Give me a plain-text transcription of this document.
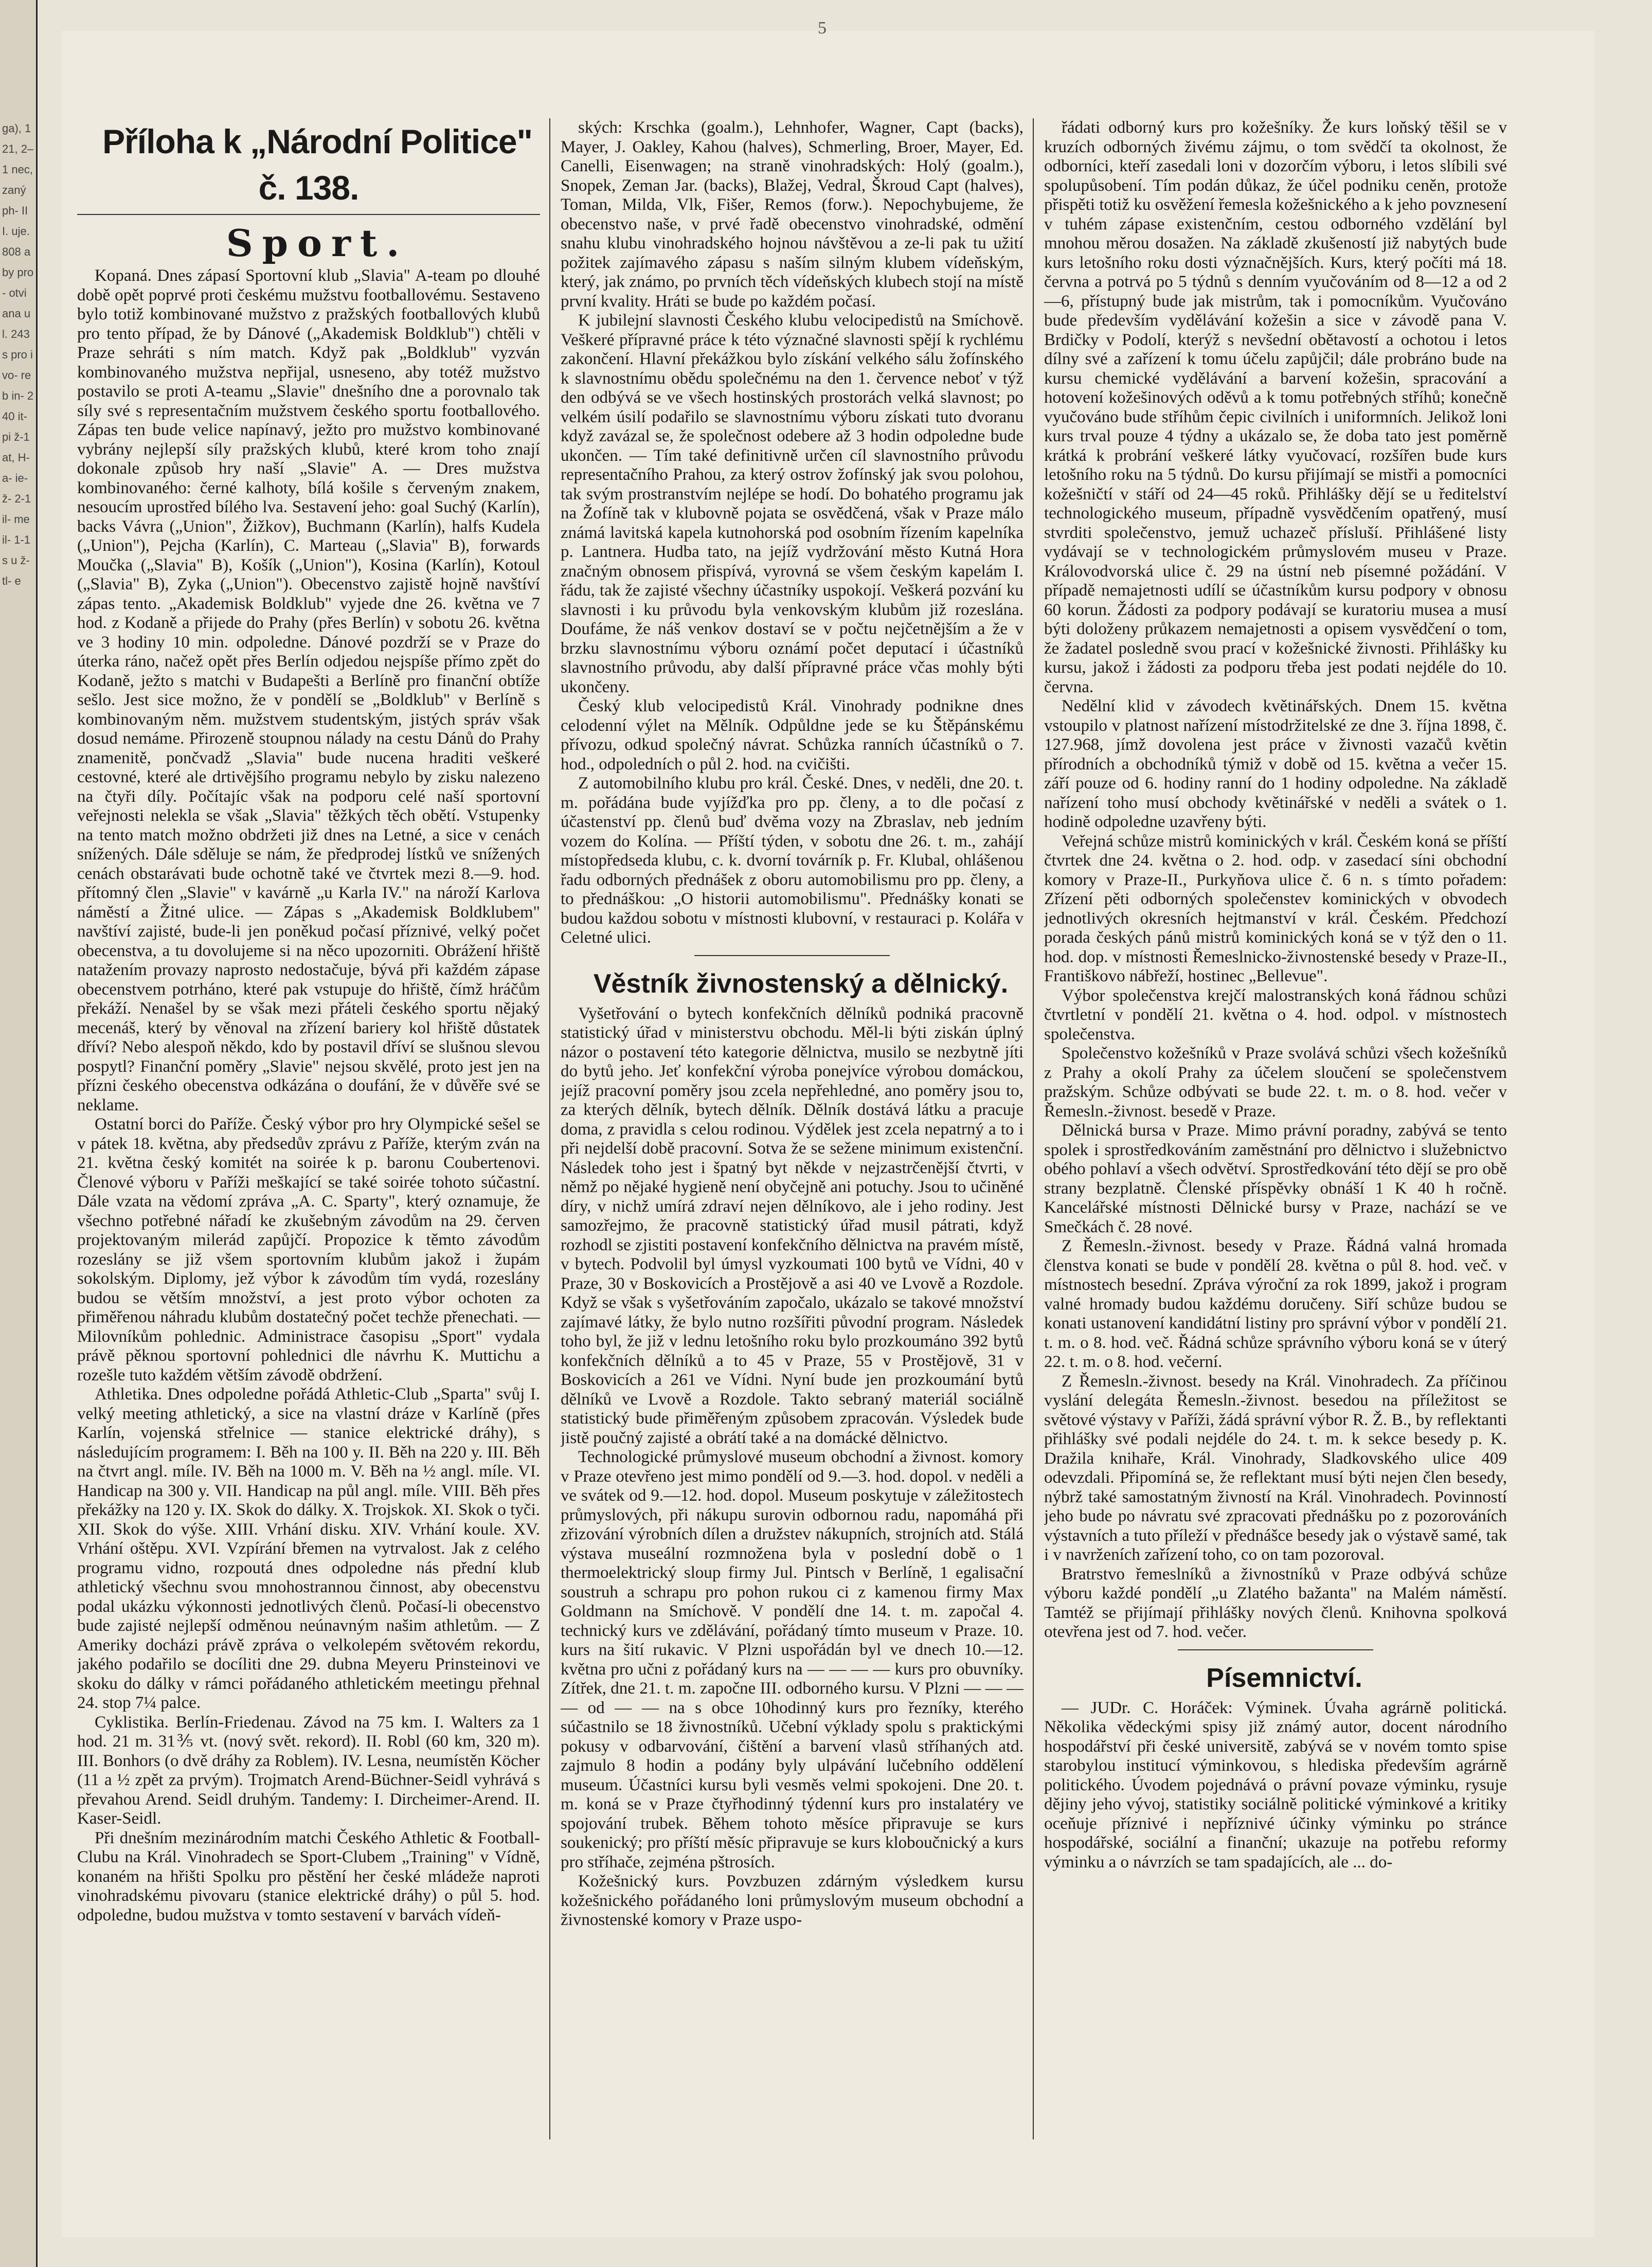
ga), 121, 2–1 nec, zaný ph- III. uje. 808 aby pro- otvi ana ul. 243 s pro ivo- reb in- 240 it- pi ž-1 at, H- a- ie- ž- 2-1 il- me il- 1-1 s u ž- tl- e
5

Příloha k „Národní Politice" č. 138.

Sport.

Kopaná. Dnes zápasí Sportovní klub „Slavia" A-team po dlouhé době opět poprvé proti českému mužstvu footballovému. Sestaveno bylo totiž kombinované mužstvo z pražských footballových klubů pro tento případ, že by Dánové („Akademisk Boldklub") chtěli v Praze sehráti s ním match. Když pak „Boldklub" vyzván kombinovaného mužstva nepřijal, usneseno, aby totéž mužstvo postavilo se proti A-teamu „Slavie" dnešního dne a porovnalo tak síly své s representačním mužstvem českého sportu footballového. Zápas ten bude velice napínavý, ježto pro mužstvo kombinované vybrány nejlepší síly pražských klubů, které krom toho znají dokonale způsob hry naší „Slavie" A. — Dres mužstva kombinovaného: černé kalhoty, bílá košile s červeným znakem, nesoucím uprostřed bílého lva. Sestavení jeho: goal Suchý (Karlín), backs Vávra („Union", Žižkov), Buchmann (Karlín), halfs Kudela („Union"), Pejcha (Karlín), C. Marteau („Slavia" B), forwards Moučka („Slavia" B), Košík („Union"), Kosina (Karlín), Kotoul („Slavia" B), Zyka („Union"). Obecenstvo zajistě hojně navštíví zápas tento. „Akademisk Boldklub" vyjede dne 26. května ve 7 hod. z Kodaně a přijede do Prahy (přes Berlín) v sobotu 26. května ve 3 hodiny 10 min. odpoledne. Dánové pozdrží se v Praze do úterka ráno, načež opět přes Berlín odjedou nejspíše přímo zpět do Kodaně, ježto s matchi v Budapešti a Berlíně pro finanční obtíže sešlo. Jest sice možno, že v pondělí se „Boldklub" v Berlíně s kombinovaným něm. mužstvem studentským, jistých správ však dosud nemáme. Přirozeně stoupnou nálady na cestu Dánů do Prahy znamenitě, pončvadž „Slavia" bude nucena hraditi veškeré cestovné, které ale drtivějšího programu nebylo by zisku nalezeno na čtyři díly. Počítajíc však na podporu celé naší sportovní veřejnosti nelekla se však „Slavia" těžkých těch obětí. Vstupenky na tento match možno obdržeti již dnes na Letné, a sice v cenách snížených. Dále sděluje se nám, že předprodej lístků ve snížených cenách obstarávati bude ochotně také ve čtvrtek mezi 8.—9. hod. přítomný člen „Slavie" v kavárně „u Karla IV." na nároží Karlova náměstí a Žitné ulice. — Zápas s „Akademisk Boldklubem" navštíví zajisté, bude-li jen poněkud počasí příznivé, velký počet obecenstva, a tu dovolujeme si na něco upozorniti. Obrážení hřiště natažením provazy naprosto nedostačuje, bývá při každém zápase obecenstvem potrháno, které pak vstupuje do hřiště, čímž hráčům překáží. Nenašel by se však mezi přáteli českého sportu nějaký mecenáš, který by věnoval na zřízení bariery kol hřiště důstatek dříví? Nebo alespoň někdo, kdo by postavil dříví se slušnou slevou pospytl? Finanční poměry „Slavie" nejsou skvělé, proto jest jen na přízni českého obecenstva odkázána o doufání, že v důvěře své se neklame.

Ostatní borci do Paříže. Český výbor pro hry Olympické sešel se v pátek 18. května, aby předsedův zprávu z Paříže, kterým zván na 21. května český komitét na soirée k p. baronu Coubertenovi. Členové výboru v Paříži meškající se také soirée tohoto súčastní. Dále vzata na vědomí zpráva „A. C. Sparty", který oznamuje, že všechno potřebné nářadí ke zkušebným závodům na 29. červen projektovaným milerád zapůjčí. Propozice k těmto závodům rozeslány se již všem sportovním klubům jakož i župám sokolským. Diplomy, jež výbor k závodům tím vydá, rozeslány budou se větším množství, a jest proto výbor ochoten za přiměřenou náhradu klubům dostatečný počet techže přenechati. — Milovníkům pohlednic. Administrace časopisu „Sport" vydala právě pěknou sportovní pohlednici dle návrhu K. Muttichu a rozešle tuto každém větším závodě obdržení.

Athletika. Dnes odpoledne pořádá Athletic-Club „Sparta" svůj I. velký meeting athletický, a sice na vlastní dráze v Karlíně (přes Karlín, vojenská střelnice — stanice elektrické dráhy), s následujícím programem: I. Běh na 100 y. II. Běh na 220 y. III. Běh na čtvrt angl. míle. IV. Běh na 1000 m. V. Běh na ½ angl. míle. VI. Handicap na 300 y. VII. Handicap na půl angl. míle. VIII. Běh přes překážky na 120 y. IX. Skok do dálky. X. Trojskok. XI. Skok o tyči. XII. Skok do výše. XIII. Vrhání disku. XIV. Vrhání koule. XV. Vrhání oštěpu. XVI. Vzpírání břemen na vytrvalost. Jak z celého programu vidno, rozpoutá dnes odpoledne nás přední klub athletický všechnu svou mnohostrannou činnost, aby obecenstvu podal ukázku výkonnosti jednotlivých členů. Počasí-li obecenstvo bude zajisté nejlepší odměnou neúnavným našim athletům. — Z Ameriky docházi právě zpráva o velkolepém světovém rekordu, jakého podařilo se docíliti dne 29. dubna Meyeru Prinsteinovi ve skoku do dálky v rámci pořádaného athletickém meetingu přehnal 24. stop 7¼ palce.

Cyklistika. Berlín-Friedenau. Závod na 75 km. I. Walters za 1 hod. 21 m. 31⅗ vt. (nový svět. rekord). II. Robl (60 km, 320 m). III. Bonhors (o dvě dráhy za Roblem). IV. Lesna, neumístěn Köcher (11 a ½ zpět za prvým). Trojmatch Arend-Büchner-Seidl vyhrává s převahou Arend. Seidl druhým. Tandemy: I. Dircheimer-Arend. II. Kaser-Seidl.

Při dnešním mezinárodním matchi Českého Athletic & Football-Clubu na Král. Vinohradech se Sport-Clubem „Training" v Vídně, konaném na hřišti Spolku pro pěstění her české mládeže naproti vinohradskému pivovaru (stanice elektrické dráhy) o půl 5. hod. odpoledne, budou mužstva v tomto sestavení v barvách vídeň-

ských: Krschka (goalm.), Lehnhofer, Wagner, Capt (backs), Mayer, J. Oakley, Kahou (halves), Schmerling, Broer, Mayer, Ed. Canelli, Eisenwagen; na straně vinohradských: Holý (goalm.), Snopek, Zeman Jar. (backs), Blažej, Vedral, Škroud Capt (halves), Toman, Milda, Vlk, Fišer, Remos (forw.). Nepochybujeme, že obecenstvo naše, v prvé řadě obecenstvo vinohradské, odmění snahu klubu vinohradského hojnou návštěvou a ze-li pak tu užití požitek zajímavého zápasu s naším silným klubem vídeňským, který, jak známo, po prvních těch vídeňských klubech stojí na místě první kvality. Hráti se bude po každém počasí.

K jubilejní slavnosti Českého klubu velocipedistů na Smíchově. Veškeré přípravné práce k této význačné slavnosti spějí k rychlému zakončení. Hlavní překážkou bylo získání velkého sálu žofínského k slavnostnímu obědu společnému na den 1. července neboť v týž den odbývá se ve všech hostinských prostorách velká slavnost; po velkém úsilí podařilo se slavnostnímu výboru získati tuto dvoranu když zavázal se, že společnost odebere až 3 hodin odpoledne bude ukončen. — Tím také definitivně určen cíl slavnostního průvodu representačního Prahou, za který ostrov žofínský jak svou polohou, tak svým prostranstvím nejlépe se hodí. Do bohatého programu jak na Žofíně tak v klubovně pojata se osvědčená, však v Praze málo známá lavitská kapela kutnohorská pod osobním řízením kapelníka p. Lantnera. Hudba tato, na jejíž vydržování město Kutná Hora značným obnosem přispívá, vyrovná se všem českým kapelám I. řádu, tak že zajisté všechny účastníky uspokojí. Veškerá pozvání ku slavnosti i ku průvodu byla venkovským klubům již rozeslána. Doufáme, že náš venkov dostaví se v počtu nejčetnějším a že v brzku slavnostnímu výboru oznámí počet deputací i účastníků slavnostního průvodu, aby další přípravné práce včas mohly býti ukončeny.

Český klub velocipedistů Král. Vinohrady podnikne dnes celodenní výlet na Mělník. Odpůldne jede se ku Štěpánskému přívozu, odkud společný návrat. Schůzka ranních účastníků o 7. hod., odpoledních o půl 2. hod. na cvičišti.

Z automobilního klubu pro král. České. Dnes, v neděli, dne 20. t. m. pořádána bude vyjížďka pro pp. členy, a to dle počasí z účastenství pp. členů buď dvěma vozy na Zbraslav, neb jedním vozem do Kolína. — Příští týden, v sobotu dne 26. t. m., zahájí místopředseda klubu, c. k. dvorní továrník p. Fr. Klubal, ohlášenou řadu odborných přednášek z oboru automobilismu pro pp. členy, a to přednáškou: „O historii automobilismu". Přednášky konati se budou každou sobotu v místnosti klubovní, v restauraci p. Kolářa v Celetné ulici.

Věstník živnostenský a dělnický.

Vyšetřování o bytech konfekčních dělníků podniká pracovně statistický úřad v ministerstvu obchodu. Měl-li býti ziskán úplný názor o postavení této kategorie dělnictva, musilo se nezbytně jíti do bytů jeho. Jeť konfekční výroba ponejvíce výrobou domáckou, jejíž pracovní poměry jsou zcela nepřehledné, ano poměry jsou to, za kterých dělník, bytech dělník. Dělník dostává látku a pracuje doma, z pravidla s celou rodinou. Výdělek jest zcela nepatrný a to i při nejdelší době pracovní. Sotva že se sežene minimum existenční. Následek toho jest i špatný byt někde v nejzastrčenější čtvrti, v němž po nějaké hygieně není obyčejně ani potuchy. Jsou to učiněné díry, v nichž umírá zdraví nejen dělníkovo, ale i jeho rodiny. Jest samozřejmo, že pracovně statistický úřad musil pátrati, když rozhodl se zjistiti postavení konfekčního dělnictva na pravém místě, v bytech. Podvolil byl úmysl vyzkoumati 100 bytů ve Vídni, 40 v Praze, 30 v Boskovicích a Prostějově a asi 40 ve Lvově a Rozdole. Když se však s vyšetřováním započalo, ukázalo se takové množství zajímavé látky, že bylo nutno rozšířiti původní program. Následek toho byl, že již v lednu letošního roku bylo prozkoumáno 392 bytů konfekčních dělníků a to 45 v Praze, 55 v Prostějově, 31 v Boskovicích a 261 ve Vídni. Nyní bude jen prozkoumání bytů dělníků ve Lvově a Rozdole. Takto sebraný materiál sociálně statistický bude přiměřeným způsobem zpracován. Výsledek bude jistě poučný zajisté a obrátí také a na domácké dělnictvo.

Technologické průmyslové museum obchodní a živnost. komory v Praze otevřeno jest mimo pondělí od 9.—3. hod. dopol. v neděli a ve svátek od 9.—12. hod. dopol. Museum poskytuje v záležitostech průmyslových, při nákupu surovin odbornou radu, napomáhá při zřizování výrobních dílen a družstev nákupních, strojních atd. Stálá výstava museální rozmnožena byla v poslední době o 1 thermoelektrický sloup firmy Jul. Pintsch v Berlíně, 1 egalisační soustruh a schrapu pro pohon rukou ci z kamenou firmy Max Goldmann na Smíchově. V pondělí dne 14. t. m. započal 4. technický kurs ve zdělávání, pořádaný tímto museum v Praze. 10. kurs na šití rukavic. V Plzni uspořádán byl ve dnech 10.—12. května pro učni z pořádaný kurs na — — — — kurs pro obuvníky. Zítřek, dne 21. t. m. započne III. odborného kursu. V Plzni — — — — od — — na s obce 10hodinný kurs pro řezníky, kterého súčastnilo se 18 živnostníků. Učební výklady spolu s praktickými pokusy v odbarvování, čištění a barvení vlasů stříhaných atd. zajmulo 8 hodin a podány byly ulpávání lučebního oddělení museum. Účastníci kursu byli vesměs velmi spokojeni. Dne 20. t. m. koná se v Praze čtyřhodinný týdenní kurs pro instalatéry ve spojování trubek. Během tohoto měsíce připravuje se kurs soukenický; pro příští měsíc připravuje se kurs kloboučnický a kurs pro stříhače, zejména pštrosích.

Kožešnický kurs. Povzbuzen zdárným výsledkem kursu kožešnického pořádaného loni průmyslovým museum obchodní a živnostenské komory v Praze uspo-

řádati odborný kurs pro kožešníky. Že kurs loňský těšil se v kruzích odborných živému zájmu, o tom svědčí ta okolnost, že odborníci, kteří zasedali loni v dozorčím výboru, i letos slíbili své spolupůsobení. Tím podán důkaz, že účel podniku ceněn, protože přispěti totiž ku osvěžení řemesla kožešnického a k jeho povznesení v tuhém zápase existenčním, cestou odborného vzdělání byl mnohou měrou dosažen. Na základě zkušeností již nabytých bude kurs letošního roku dosti význačnějších. Kurs, který počíti má 18. června a potrvá po 5 týdnů s denním vyučováním od 8—12 a od 2—6, přístupný bude jak mistrům, tak i pomocníkům. Vyučováno bude především vydělávání kožešin a sice v závodě pana V. Brdičky v Podolí, kterýž s nevšední obětavostí a ochotou i letos dílny své a zařízení k tomu účelu zapůjčil; dále probráno bude na kursu chemické vydělávání a barvení kožešin, spracování a hotovení kožešinových oděvů a k tomu potřebných stříhů; konečně vyučováno bude stříhům čepic civilních i uniformních. Jelikož loni kurs trval pouze 4 týdny a ukázalo se, že doba tato jest poměrně krátká k probrání veškeré látky vyučovací, rozšířen bude kurs letošního roku na 5 týdnů. Do kursu přijímají se mistři a pomocníci kožešničtí v stáří od 24—45 roků. Přihlášky dějí se u ředitelství technologického museum, případně vysvědčením opatřený, musí stvrditi společenstvo, jemuž uchazeč přísluší. Přihlášené listy vydávají se v technologickém průmyslovém museu v Praze. Královodvorská ulice č. 29 na ústní neb písemné požádání. V případě nemajetnosti udílí se účastníkům kursu podpory v obnosu 60 korun. Žádosti za podpory podávají se kuratoriu musea a musí býti doloženy průkazem nemajetnosti a opisem vysvědčení o tom, že žadatel posledně svou prací v kožešnické živnosti. Přihlášky ku kursu, jakož i žádosti za podporu třeba jest podati nejdéle do 10. června.

Nedělní klid v závodech květinářských. Dnem 15. května vstoupilo v platnost nařízení místodržitelské ze dne 3. října 1898, č. 127.968, jímž dovolena jest práce v živnosti vazačů květin přírodních a obchodníků týmiž v době od 15. května a večer 15. září pouze od 6. hodiny ranní do 1 hodiny odpoledne. Na základě nařízení toho musí obchody květinářské v neděli a svátek o 1. hodině odpoledne uzavřeny býti.

Veřejná schůze mistrů kominických v král. Českém koná se příští čtvrtek dne 24. května o 2. hod. odp. v zasedací síni obchodní komory v Praze-II., Purkyňova ulice č. 6 n. s tímto pořadem: Zřízení pěti odborných společenstev kominických v obvodech jednotlivých okresních hejtmanství v král. Českém. Předchozí porada českých pánů mistrů kominických koná se v týž den o 11. hod. dop. v místnosti Řemeslnicko-živnostenské besedy v Praze-II., Františkovo nábřeží, hostinec „Bellevue".

Výbor společenstva krejčí malostranských koná řádnou schůzi čtvrtletní v pondělí 21. května o 4. hod. odpol. v místnostech společenstva.

Společenstvo kožešníků v Praze svolává schůzi všech kožešníků z Prahy a okolí Prahy za účelem sloučení se společenstvem pražským. Schůze odbývati se bude 22. t. m. o 8. hod. večer v Řemesln.-živnost. besedě v Praze.

Dělnická bursa v Praze. Mimo právní poradny, zabývá se tento spolek i sprostředkováním zaměstnání pro dělnictvo i služebnictvo obého pohlaví a všech odvětví. Sprostředkování této dějí se pro obě strany bezplatně. Členské příspěvky obnáší 1 K 40 h ročně. Kancelářské místnosti Dělnické bursy v Praze, nachází se ve Smečkách č. 28 nové.

Z Řemesln.-živnost. besedy v Praze. Řádná valná hromada členstva konati se bude v pondělí 28. května o půl 8. hod. več. v místnostech besední. Zpráva výroční za rok 1899, jakož i program valné hromady budou každému doručeny. Siří schůze budou se konati ustanovení kandidátní listiny pro správní výbor v pondělí 21. t. m. o 8. hod. več. Řádná schůze správního výboru koná se v úterý 22. t. m. o 8. hod. večerní.

Z Řemesln.-živnost. besedy na Král. Vinohradech. Za příčinou vyslání delegáta Řemesln.-živnost. besedou na příležitost se světové výstavy v Paříži, žádá správní výbor R. Ž. B., by reflektanti přihlášky své podali nejdéle do 24. t. m. k sekce besedy p. K. Dražila knihaře, Král. Vinohrady, Sladkovského ulice 409 odevzdali. Připomíná se, že reflektant musí býti nejen člen besedy, nýbrž také samostatným živností na Král. Vinohradech. Povinností jeho bude po návratu své zpracovati přednášku po z pozorováních výstavních a tuto příleží v přednášce besedy jak o výstavě samé, tak i v navrženích zařízení toho, co on tam pozoroval.

Bratrstvo řemeslníků a živnostníků v Praze odbývá schůze výboru každé pondělí „u Zlatého bažanta" na Malém náměstí. Tamtéž se přijímají přihlášky nových členů. Knihovna spolková otevřena jest od 7. hod. večer.

Písemnictví.

— JUDr. C. Horáček: Výminek. Úvaha agrárně politická. Několika vědeckými spisy již známý autor, docent národního hospodářství při české universitě, zabývá se v novém tomto spise starobylou institucí výminkovou, s hlediska především agrárně politického. Úvodem pojednává o právní povaze výminku, rysuje dějiny jeho vývoj, statistiky sociálně politické výminkové a kritiky oceňuje příznivé i nepříznivé účinky výminku po stránce hospodářské, sociální a finanční; ukazuje na potřebu reformy výminku a o návrzích se tam spadajících, ale ... do-
